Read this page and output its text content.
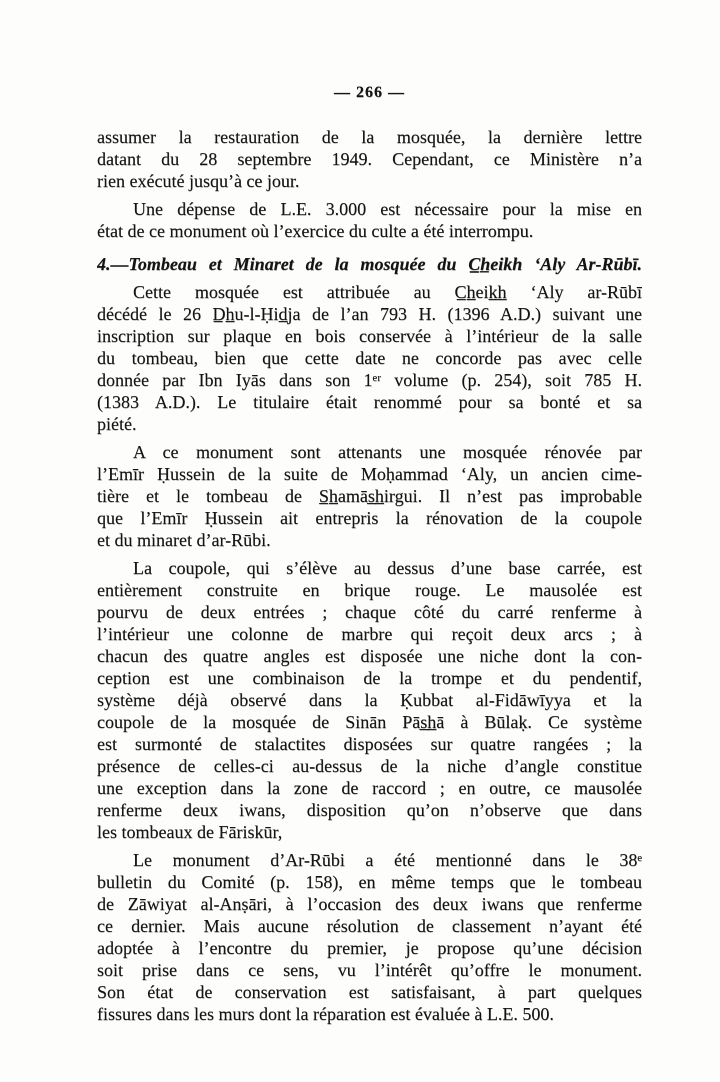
— 266 —
assumer la restauration de la mosquée, la dernière lettre
datant du 28 septembre 1949. Cependant, ce Ministère n’a
rien exécuté jusqu’à ce jour.
Une dépense de L.E. 3.000 est nécessaire pour la mise en
état de ce monument où l’exercice du culte a été interrompu.
4.—Tombeau et Minaret de la mosquée du C̲h̲eikh ‘Aly Ar-Rūbī.
Cette mosquée est attribuée au C̲h̲eik̲h̲ ‘Aly ar-Rūbī
décédé le 26 D̲h̲u-l-Ḥid̲j̲a de l’an 793 H. (1396 A.D.) suivant une
inscription sur plaque en bois conservée à l’intérieur de la salle
du tombeau, bien que cette date ne concorde pas avec celle
donnée par Ibn Iyās dans son 1ᵉʳ volume (p. 254), soit 785 H.
(1383 A.D.). Le titulaire était renommé pour sa bonté et sa
piété.
A ce monument sont attenants une mosquée rénovée par
l’Emīr Ḥussein de la suite de Moḥammad ‘Aly, un ancien cime-
tière et le tombeau de S̲h̲amās̲h̲irgui. Il n’est pas improbable
que l’Emīr Ḥussein ait entrepris la rénovation de la coupole
et du minaret d’ar-Rūbi.
La coupole, qui s’élève au dessus d’une base carrée, est
entièrement construite en brique rouge. Le mausolée est
pourvu de deux entrées ; chaque côté du carré renferme à
l’intérieur une colonne de marbre qui reçoit deux arcs ; à
chacun des quatre angles est disposée une niche dont la con-
ception est une combinaison de la trompe et du pendentif,
système déjà observé dans la Ḳubbat al-Fidāwīyya et la
coupole de la mosquée de Sinān Pās̲h̲ā à Būlaḳ. Ce système
est surmonté de stalactites disposées sur quatre rangées ; la
présence de celles-ci au-dessus de la niche d’angle constitue
une exception dans la zone de raccord ; en outre, ce mausolée
renferme deux iwans, disposition qu’on n’observe que dans
les tombeaux de Fāriskūr,
Le monument d’Ar-Rūbi a été mentionné dans le 38ᵉ
bulletin du Comité (p. 158), en même temps que le tombeau
de Zāwiyat al-Anṣāri, à l’occasion des deux iwans que renferme
ce dernier. Mais aucune résolution de classement n’ayant été
adoptée à l’encontre du premier, je propose qu’une décision
soit prise dans ce sens, vu l’intérêt qu’offre le monument.
Son état de conservation est satisfaisant, à part quelques
fissures dans les murs dont la réparation est évaluée à L.E. 500.
